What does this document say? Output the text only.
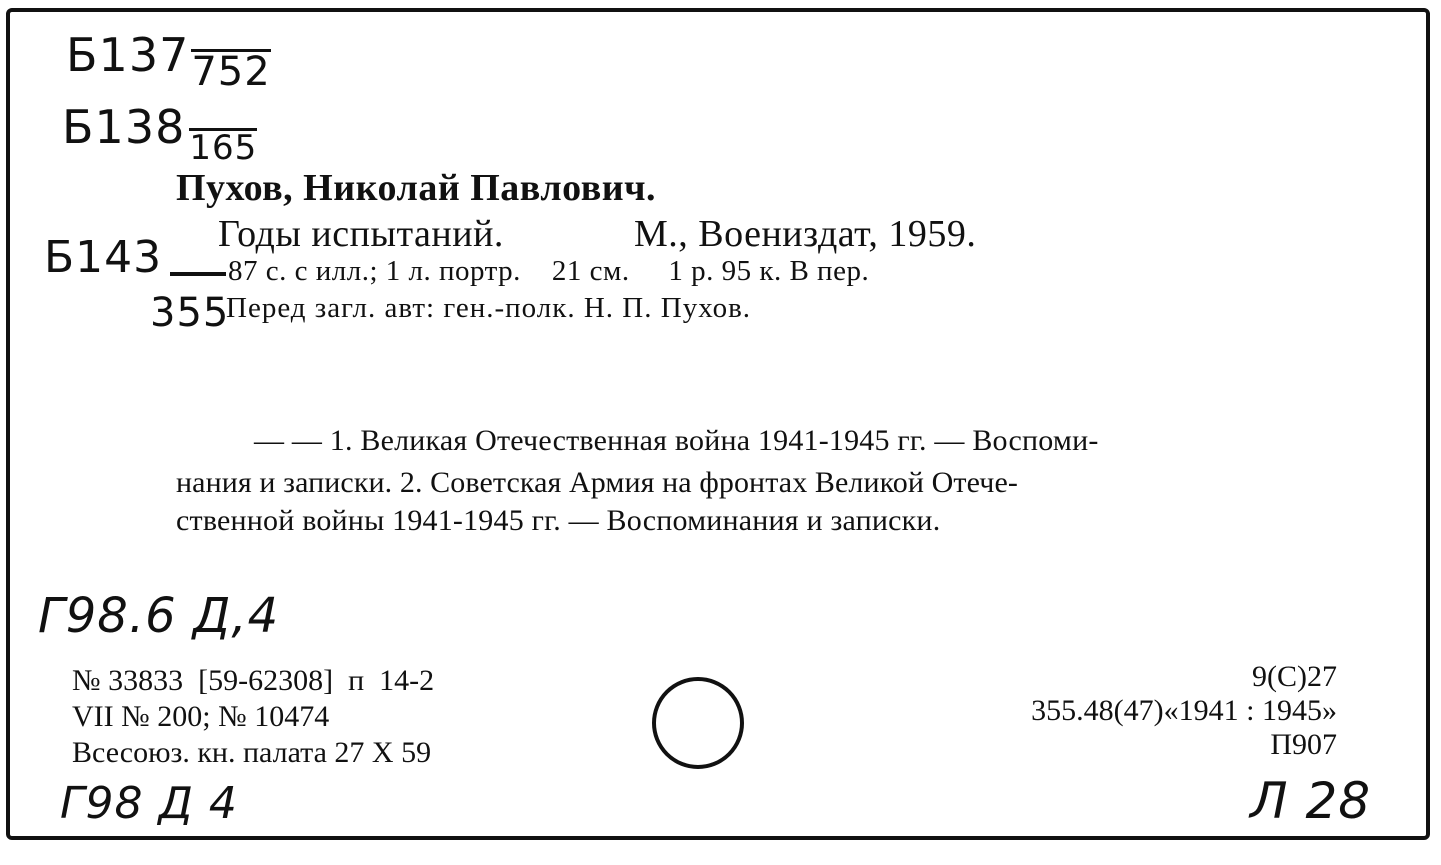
Б137752
Б138 165
Б143
355
Пухов, Николай Павлович.
Годы испытаний.	М., Воениздат, 1959.
87 с. с илл.; 1 л. портр.    21 см.     1 р. 95 к. В пер.
Перед загл. авт: ген.-полк. Н. П. Пухов.
— — 1. Великая Отечественная война 1941-1945 гг. — Воспоми-
нания и записки. 2. Советская Армия на фронтах Великой Отече-
ственной войны 1941-1945 гг. — Воспоминания и записки.
Г98.6 Д,4
Г98 Д 4	Л 28
№ 33833  [59-62308]  п  14-2
VII № 200; № 10474
Всесоюз. кн. палата 27 Х 59
9(С)27
355.48(47)«1941 : 1945»
П907
